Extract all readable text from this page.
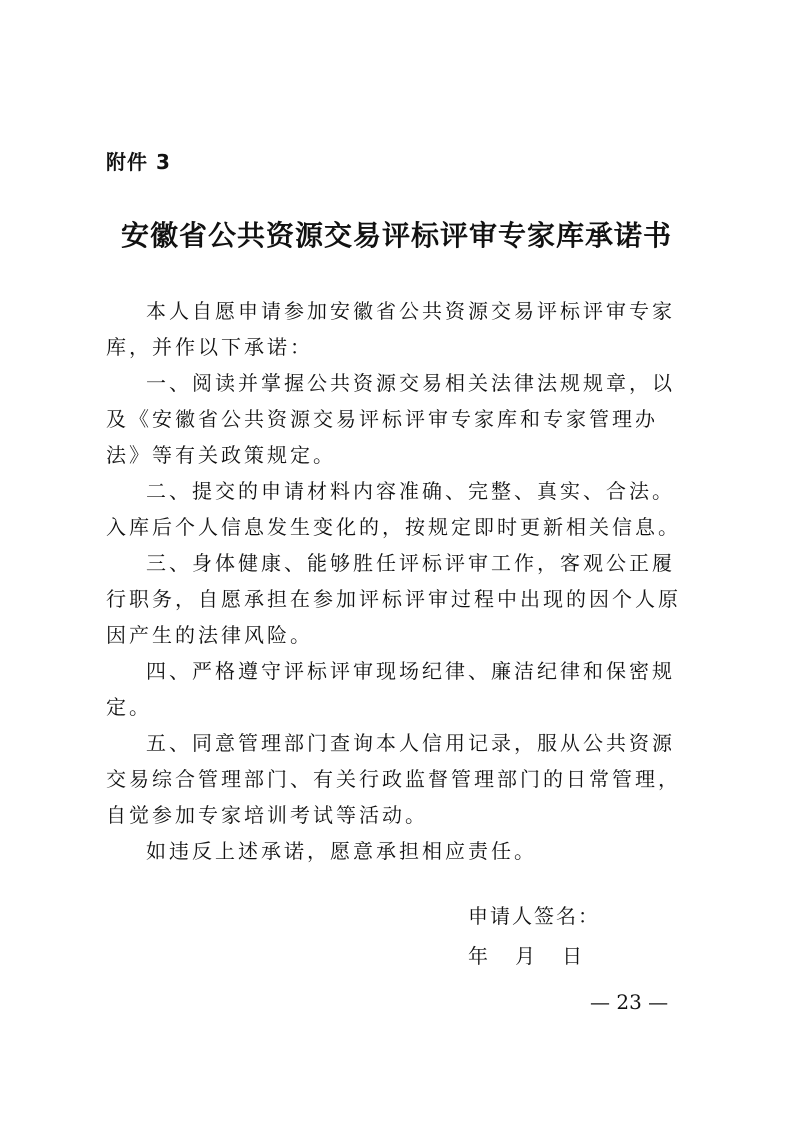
附件 3
安徽省公共资源交易评标评审专家库承诺书

本人自愿申请参加安徽省公共资源交易评标评审专家库，并作以下承诺：

一、阅读并掌握公共资源交易相关法律法规规章，以及《安徽省公共资源交易评标评审专家库和专家管理办法》等有关政策规定。

二、提交的申请材料内容准确、完整、真实、合法。入库后个人信息发生变化的，按规定即时更新相关信息。

三、身体健康、能够胜任评标评审工作，客观公正履行职务，自愿承担在参加评标评审过程中出现的因个人原因产生的法律风险。

四、严格遵守评标评审现场纪律、廉洁纪律和保密规定。

五、同意管理部门查询本人信用记录，服从公共资源交易综合管理部门、有关行政监督管理部门的日常管理，自觉参加专家培训考试等活动。

如违反上述承诺，愿意承担相应责任。

申请人签名：
年   月   日
— 23 —
